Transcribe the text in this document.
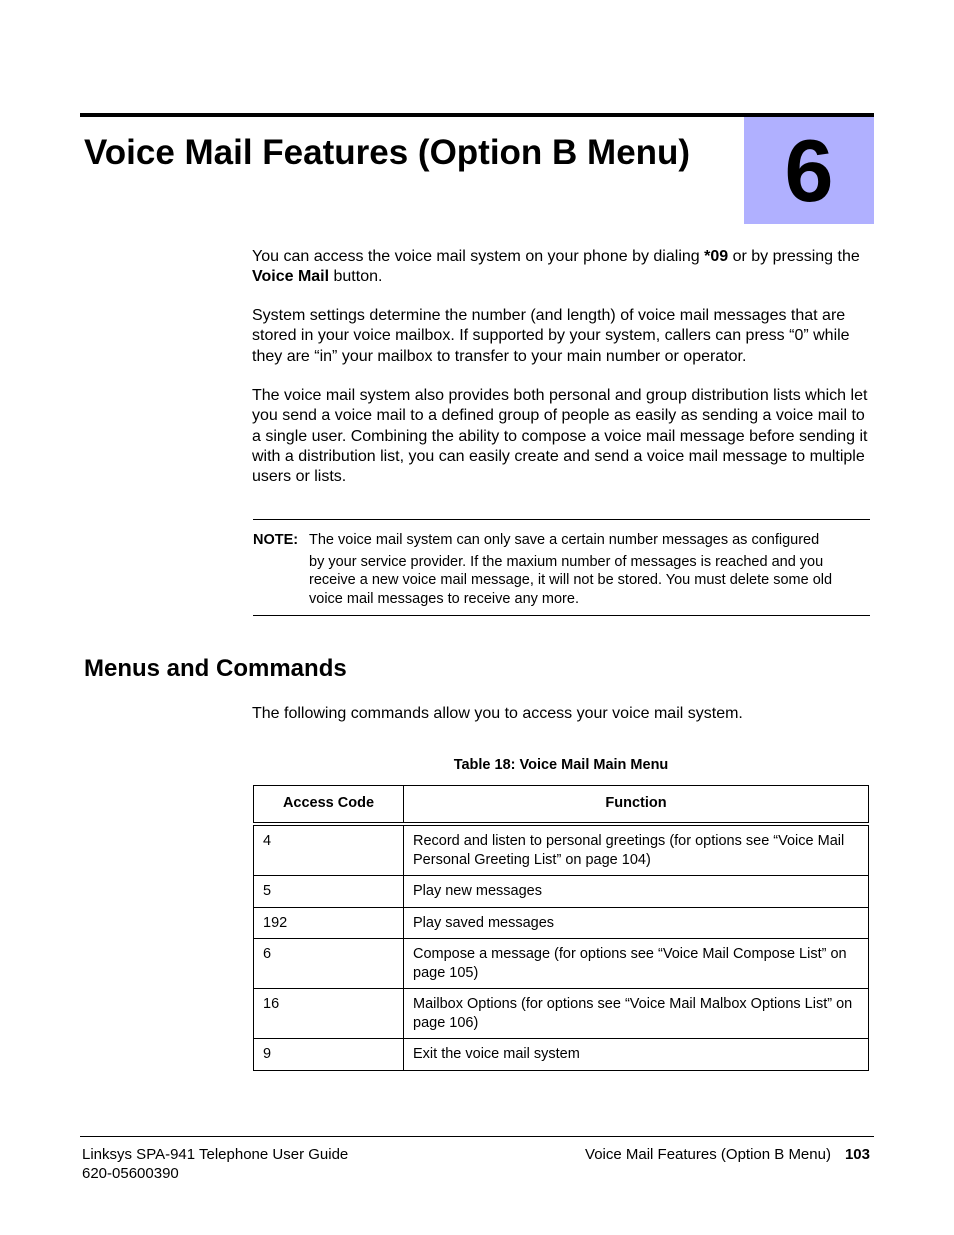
Voice Mail Features (Option B Menu) 6

You can access the voice mail system on your phone by dialing *09 or by pressing the Voice Mail button.

System settings determine the number (and length) of voice mail messages that are stored in your voice mailbox. If supported by your system, callers can press “0” while they are “in” your mailbox to transfer to your main number or operator.

The voice mail system also provides both personal and group distribution lists which let you send a voice mail to a defined group of people as easily as sending a voice mail to a single user. Combining the ability to compose a voice mail message before sending it with a distribution list, you can easily create and send a voice mail message to multiple users or lists.

NOTE: The voice mail system can only save a certain number messages as configured
by your service provider. If the maxium number of messages is reached and you
receive a new voice mail message, it will not be stored. You must delete some old
voice mail messages to receive any more.
Menus and Commands

The following commands allow you to access your voice mail system.

Table 18: Voice Mail Main Menu
Access Code	Function
4	Record and listen to personal greetings (for options see “Voice Mail Personal Greeting List” on page 104)
5	Play new messages
192	Play saved messages
6	Compose a message (for options see “Voice Mail Compose List” on page 105)
16	Mailbox Options (for options see “Voice Mail Malbox Options List” on page 106)
9	Exit the voice mail system
Linksys SPA-941 Telephone User Guide
620-05600390
Voice Mail Features (Option B Menu) 103
